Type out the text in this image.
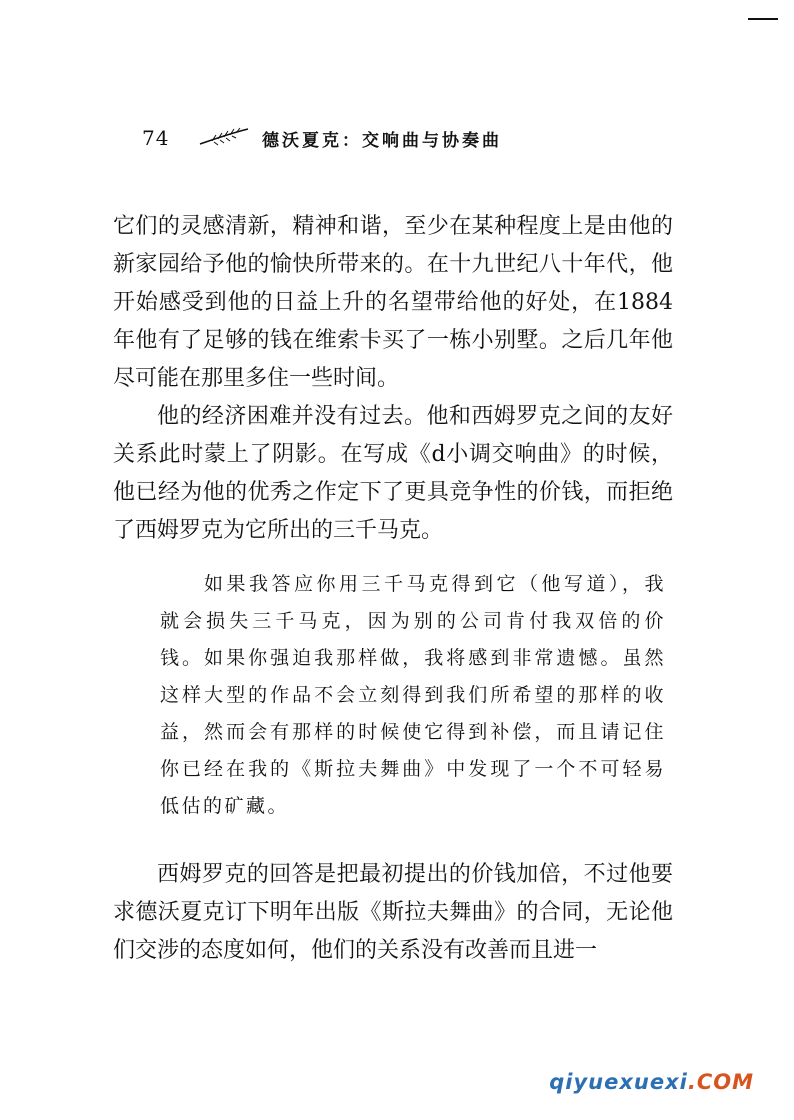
74	德沃夏克：交响曲与协奏曲

它们的灵感清新，精神和谐，至少在某种程度上是由他的新家园给予他的愉快所带来的。在十九世纪八十年代，他开始感受到他的日益上升的名望带给他的好处，在1884年他有了足够的钱在维索卡买了一栋小别墅。之后几年他尽可能在那里多住一些时间。

他的经济困难并没有过去。他和西姆罗克之间的友好关系此时蒙上了阴影。在写成《d小调交响曲》的时候，他已经为他的优秀之作定下了更具竞争性的价钱，而拒绝了西姆罗克为它所出的三千马克。

如果我答应你用三千马克得到它（他写道），我就会损失三千马克，因为别的公司肯付我双倍的价钱。如果你强迫我那样做，我将感到非常遗憾。虽然这样大型的作品不会立刻得到我们所希望的那样的收益，然而会有那样的时候使它得到补偿，而且请记住你已经在我的《斯拉夫舞曲》中发现了一个不可轻易低估的矿藏。

西姆罗克的回答是把最初提出的价钱加倍，不过他要求德沃夏克订下明年出版《斯拉夫舞曲》的合同，无论他们交涉的态度如何，他们的关系没有改善而且进一

qiyuexuexi.COM
